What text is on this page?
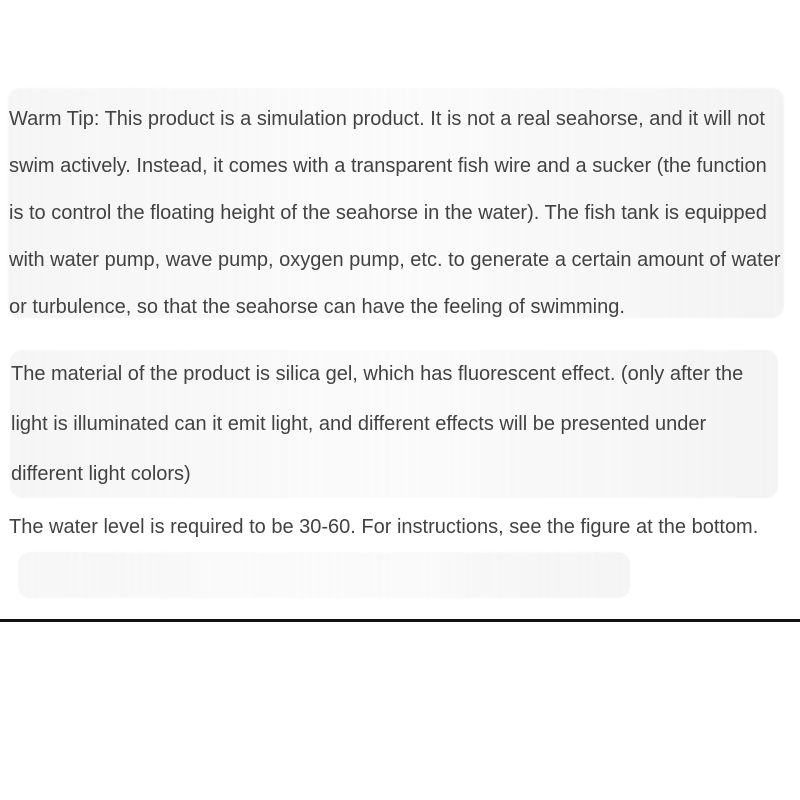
Warm Tip: This product is a simulation product. It is not a real seahorse, and it will not
swim actively. Instead, it comes with a transparent fish wire and a sucker (the function
is to control the floating height of the seahorse in the water). The fish tank is equipped
with water pump, wave pump, oxygen pump, etc. to generate a certain amount of water
or turbulence, so that the seahorse can have the feeling of swimming.

The material of the product is silica gel, which has fluorescent effect. (only after the
light is illuminated can it emit light, and different effects will be presented under
different light colors)

The water level is required to be 30-60. For instructions, see the figure at the bottom.
